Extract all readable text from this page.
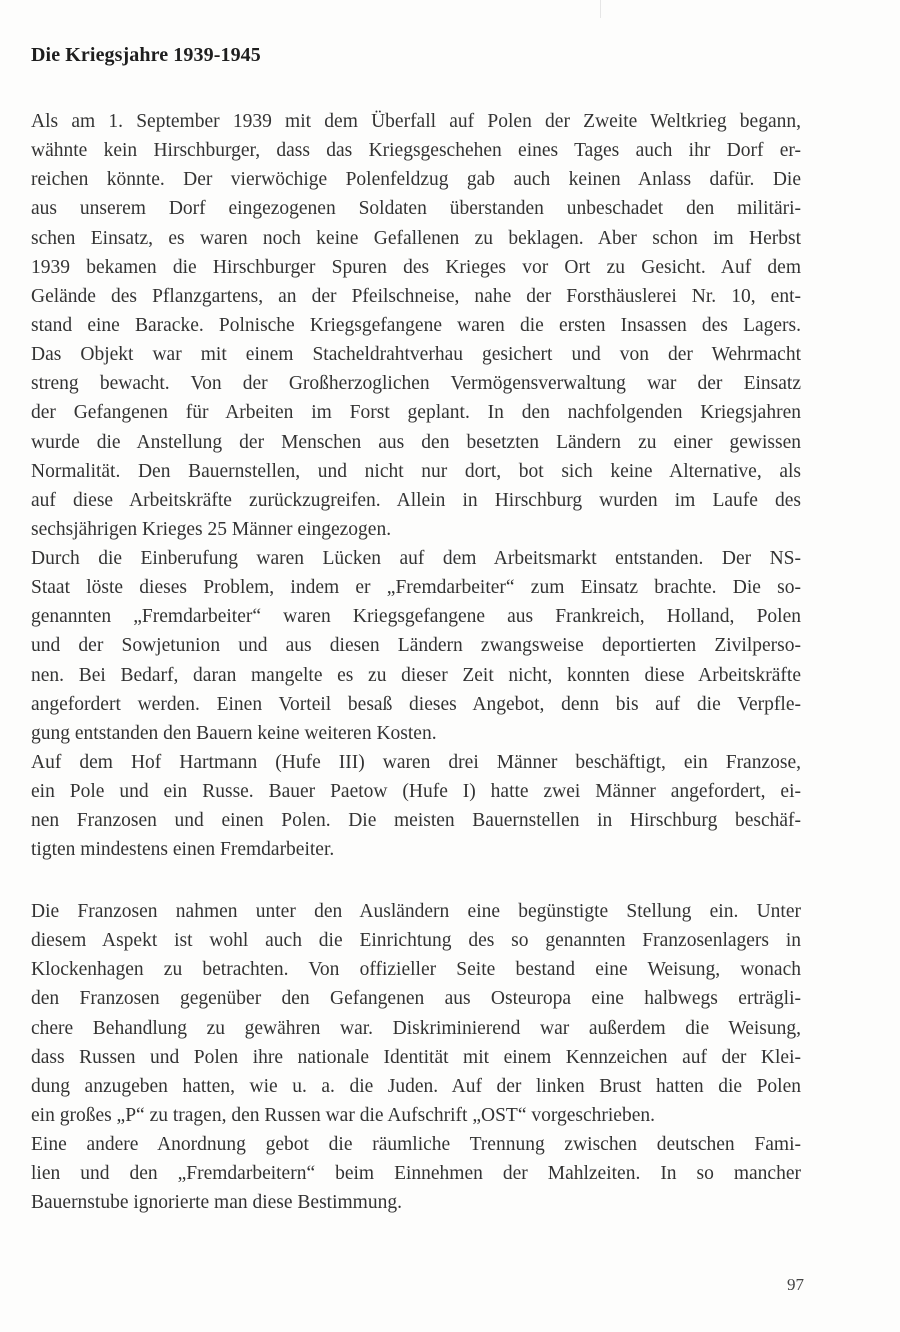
Die Kriegsjahre 1939-1945
Als am 1. September 1939 mit dem Überfall auf Polen der Zweite Weltkrieg begann,
wähnte kein Hirschburger, dass das Kriegsgeschehen eines Tages auch ihr Dorf er-
reichen könnte. Der vierwöchige Polenfeldzug gab auch keinen Anlass dafür. Die
aus unserem Dorf eingezogenen Soldaten überstanden unbeschadet den militäri-
schen Einsatz, es waren noch keine Gefallenen zu beklagen. Aber schon im Herbst
1939 bekamen die Hirschburger Spuren des Krieges vor Ort zu Gesicht. Auf dem
Gelände des Pflanzgartens, an der Pfeilschneise, nahe der Forsthäuslerei Nr. 10, ent-
stand eine Baracke. Polnische Kriegsgefangene waren die ersten Insassen des Lagers.
Das Objekt war mit einem Stacheldrahtverhau gesichert und von der Wehrmacht
streng bewacht. Von der Großherzoglichen Vermögensverwaltung war der Einsatz
der Gefangenen für Arbeiten im Forst geplant. In den nachfolgenden Kriegsjahren
wurde die Anstellung der Menschen aus den besetzten Ländern zu einer gewissen
Normalität. Den Bauernstellen, und nicht nur dort, bot sich keine Alternative, als
auf diese Arbeitskräfte zurückzugreifen. Allein in Hirschburg wurden im Laufe des
sechsjährigen Krieges 25 Männer eingezogen.
Durch die Einberufung waren Lücken auf dem Arbeitsmarkt entstanden. Der NS-
Staat löste dieses Problem, indem er „Fremdarbeiter“ zum Einsatz brachte. Die so-
genannten „Fremdarbeiter“ waren Kriegsgefangene aus Frankreich, Holland, Polen
und der Sowjetunion und aus diesen Ländern zwangsweise deportierten Zivilperso-
nen. Bei Bedarf, daran mangelte es zu dieser Zeit nicht, konnten diese Arbeitskräfte
angefordert werden. Einen Vorteil besaß dieses Angebot, denn bis auf die Verpfle-
gung entstanden den Bauern keine weiteren Kosten.
Auf dem Hof Hartmann (Hufe III) waren drei Männer beschäftigt, ein Franzose,
ein Pole und ein Russe. Bauer Paetow (Hufe I) hatte zwei Männer angefordert, ei-
nen Franzosen und einen Polen. Die meisten Bauernstellen in Hirschburg beschäf-
tigten mindestens einen Fremdarbeiter.
Die Franzosen nahmen unter den Ausländern eine begünstigte Stellung ein. Unter
diesem Aspekt ist wohl auch die Einrichtung des so genannten Franzosenlagers in
Klockenhagen zu betrachten. Von offizieller Seite bestand eine Weisung, wonach
den Franzosen gegenüber den Gefangenen aus Osteuropa eine halbwegs erträgli-
chere Behandlung zu gewähren war. Diskriminierend war außerdem die Weisung,
dass Russen und Polen ihre nationale Identität mit einem Kennzeichen auf der Klei-
dung anzugeben hatten, wie u. a. die Juden. Auf der linken Brust hatten die Polen
ein großes „P“ zu tragen, den Russen war die Aufschrift „OST“ vorgeschrieben.
Eine andere Anordnung gebot die räumliche Trennung zwischen deutschen Fami-
lien und den „Fremdarbeitern“ beim Einnehmen der Mahlzeiten. In so mancher
Bauernstube ignorierte man diese Bestimmung.
97
